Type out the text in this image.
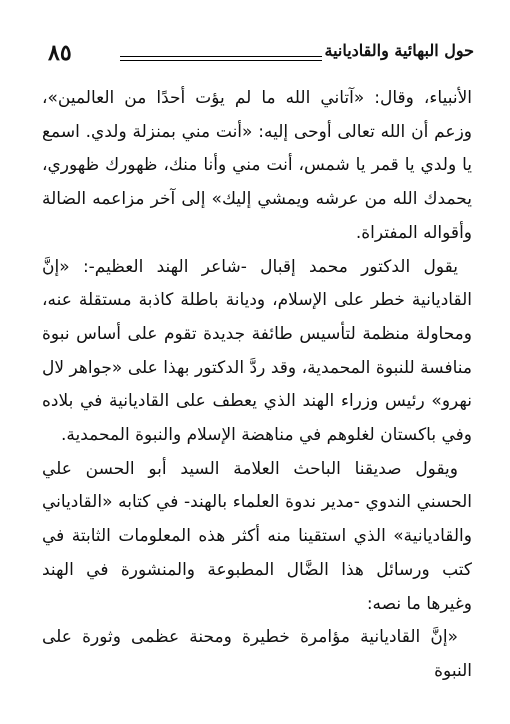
٨٥	حول البهائية والقاديانية

الأنبياء، وقال: «آتاني الله ما لم يؤت أحدًا من العالمين»، وزعم أن الله تعالى أوحى إليه: «أنت مني بمنزلة ولدي. اسمع يا ولدي يا قمر يا شمس، أنت مني وأنا منك، ظهورك ظهوري، يحمدك الله من عرشه ويمشي إليك» إلى آخر مزاعمه الضالة وأقواله المفتراة.

يقول الدكتور محمد إقبال -شاعر الهند العظيم-: «إنَّ القاديانية خطر على الإسلام، وديانة باطلة كاذبة مستقلة عنه، ومحاولة منظمة لتأسيس طائفة جديدة تقوم على أساس نبوة منافسة للنبوة المحمدية، وقد ردَّ الدكتور بهذا على «جواهر لال نهرو» رئيس وزراء الهند الذي يعطف على القاديانية في بلاده وفي باكستان لغلوهم في مناهضة الإسلام والنبوة المحمدية.

ويقول صديقنا الباحث العلامة السيد أبو الحسن علي الحسني الندوي -مدير ندوة العلماء بالهند- في كتابه «القادياني والقاديانية» الذي استقينا منه أكثر هذه المعلومات الثابتة في كتب ورسائل هذا الضَّال المطبوعة والمنشورة في الهند وغيرها ما نصه:

«إنَّ القاديانية مؤامرة خطيرة ومحنة عظمى وثورة على النبوة
